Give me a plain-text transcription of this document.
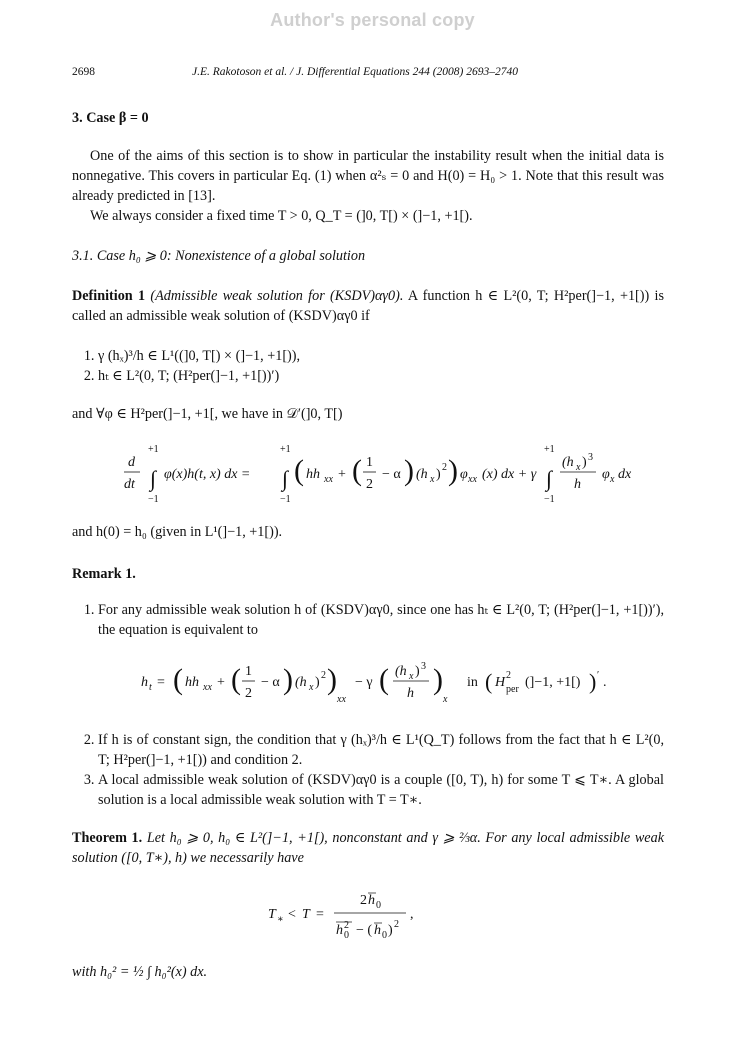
Author's personal copy
2698	J.E. Rakotoson et al. / J. Differential Equations 244 (2008) 2693–2740
3. Case β = 0

One of the aims of this section is to show in particular the instability result when the initial data is nonnegative. This covers in particular Eq. (1) when α²ₛ = 0 and H(0) = H₀ > 1. Note that this result was already predicted in [13].

We always consider a fixed time T > 0, Q_T = (]0, T[) × (]−1, +1[).

3.1. Case h₀ ⩾ 0: Nonexistence of a global solution
Definition 1 (Admissible weak solution for (KSDV)αγ0). A function h ∈ L²(0, T; H²per(]−1, +1[)) is called an admissible weak solution of (KSDV)αγ0 if
1. γ (hₓ)³/h ∈ L¹((]0, T[) × (]−1, +1[)),
2. hₜ ∈ L²(0, T; (H²per(]−1, +1[))′)

and ∀φ ∈ H²per(]−1, +1[, we have in 𝒟′(]0, T[)

d
dt
+1
∫
−1
φ(x)h(t, x) dx =
+1
∫
−1
( hh xx + ( 1
2
− α ) (h x ) 2 ) φ xx (x) dx + γ
+1
∫
−1
(h x ) 3
h
φ x dx

and h(0) = h₀ (given in L¹(]−1, +1[)).

Remark 1.
1. For any admissible weak solution h of (KSDV)αγ0, since one has hₜ ∈ L²(0, T; (H²per(]−1, +1[))′), the equation is equivalent to
h t = ( hh xx + ( 1
2
− α ) (h x ) 2 )
xx
− γ ( (h x ) 3
h )
x
in ( H 2
per (]−1, +1[) ) ′ .
2. If h is of constant sign, the condition that γ (hₓ)³/h ∈ L¹(Q_T) follows from the fact that h ∈ L²(0, T; H²per(]−1, +1[)) and condition 2.
3. A local admissible weak solution of (KSDV)αγ0 is a couple ([0, T), h) for some T ⩽ T∗. A global solution is a local admissible weak solution with T = T∗.
Theorem 1. Let h₀ ⩾ 0, h₀ ∈ L²(]−1, +1[), nonconstant and γ ⩾ ⅔α. For any local admissible weak solution ([0, T∗), h) we necessarily have
T ∗ < T =
2 h 0
h 2
0 − ( h 0 ) 2
,
with h₀² = ½ ∫ h₀²(x) dx.
